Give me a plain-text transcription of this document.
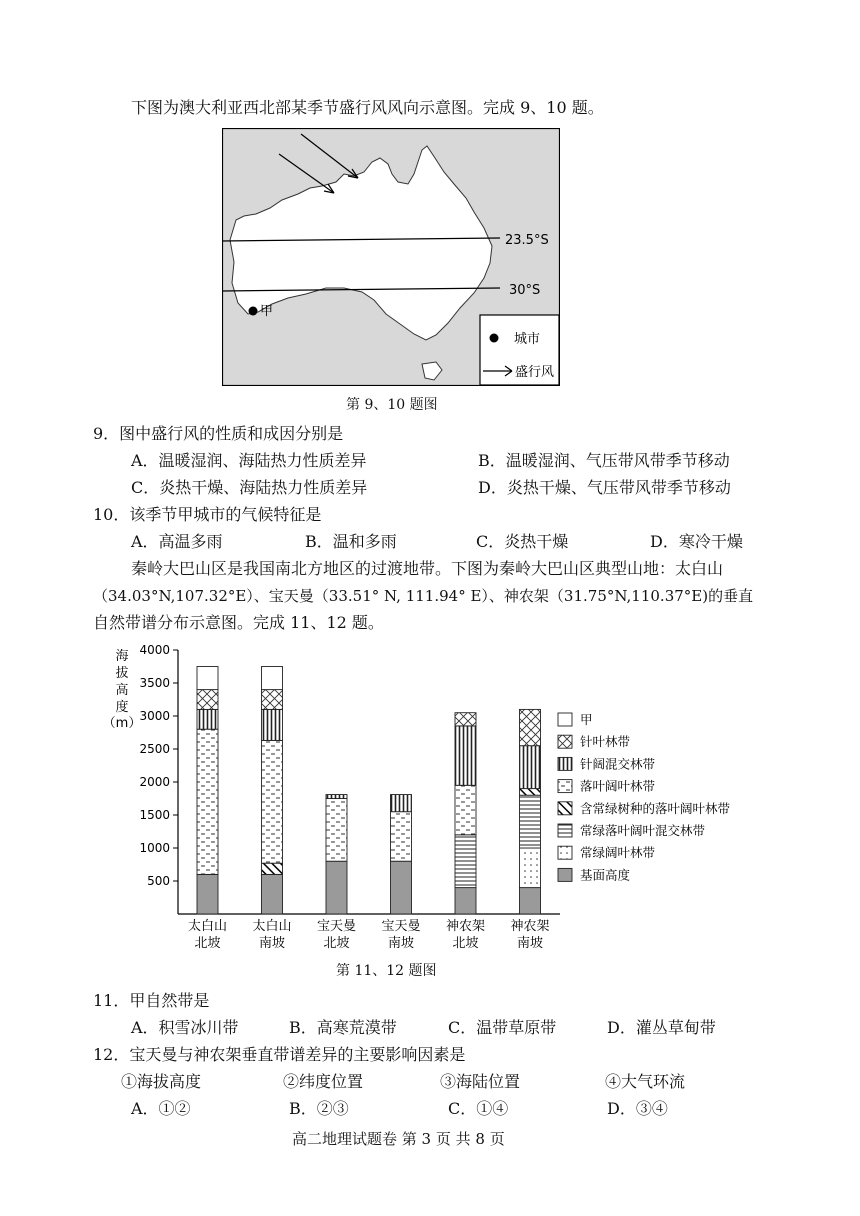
下图为澳大利亚西北部某季节盛行风风向示意图。完成 9、10 题。
23.5°S
30°S
甲
城市
盛行风
第 9、10 题图
9．图中盛行风的性质和成因分别是
A．温暖湿润、海陆热力性质差异	B．温暖湿润、气压带风带季节移动
C．炎热干燥、海陆热力性质差异	D．炎热干燥、气压带风带季节移动
10．该季节甲城市的气候特征是
A．高温多雨	B．温和多雨	C．炎热干燥	D．寒冷干燥
秦岭大巴山区是我国南北方地区的过渡地带。下图为秦岭大巴山区典型山地：太白山
（34.03°N,107.32°E）、宝天曼（33.51° N, 111.94° E）、神农架（31.75°N,110.37°E)的垂直
自然带谱分布示意图。完成 11、12 题。
海
拔
高
度
（m）
500
1000
1500
2000
2500
3000
3500
4000
太白山
北坡
太白山
南坡
宝天曼
北坡
宝天曼
南坡
神农架
北坡
神农架
南坡
甲
针叶林带
针阔混交林带
落叶阔叶林带
含常绿树种的落叶阔叶林带
常绿落叶阔叶混交林带
常绿阔叶林带
基面高度
第 11、12 题图
11．甲自然带是
A．积雪冰川带	B．高寒荒漠带	C．温带草原带	D．灌丛草甸带
12．宝天曼与神农架垂直带谱差异的主要影响因素是
①海拔高度	②纬度位置	③海陆位置	④大气环流
A．①②	B．②③	C．①④	D．③④
高二地理试题卷 第 3 页 共 8 页
